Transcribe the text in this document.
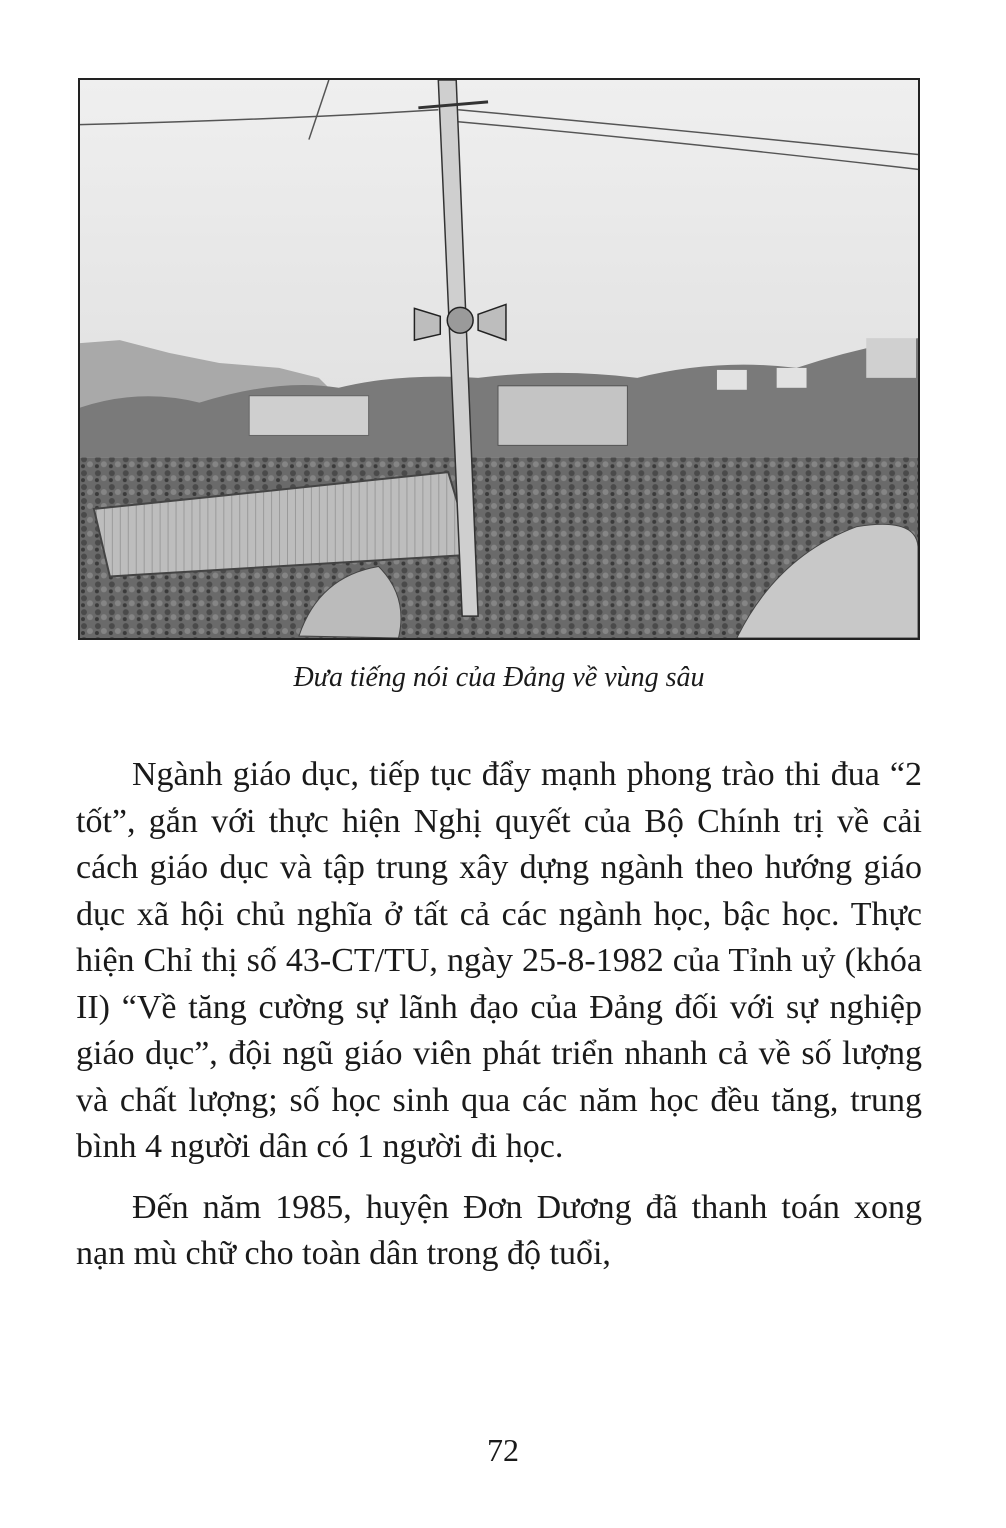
Đưa tiếng nói của Đảng về vùng sâu

Ngành giáo dục, tiếp tục đẩy mạnh phong trào thi đua “2 tốt”, gắn với thực hiện Nghị quyết của Bộ Chính trị về cải cách giáo dục và tập trung xây dựng ngành theo hướng giáo dục xã hội chủ nghĩa ở tất cả các ngành học, bậc học. Thực hiện Chỉ thị số 43-CT/TU, ngày 25-8-1982 của Tỉnh uỷ (khóa II) “Về tăng cường sự lãnh đạo của Đảng đối với sự nghiệp giáo dục”, đội ngũ giáo viên phát triển nhanh cả về số lượng và chất lượng; số học sinh qua các năm học đều tăng, trung bình 4 người dân có 1 người đi học.

Đến năm 1985, huyện Đơn Dương đã thanh toán xong nạn mù chữ cho toàn dân trong độ tuổi,

72
